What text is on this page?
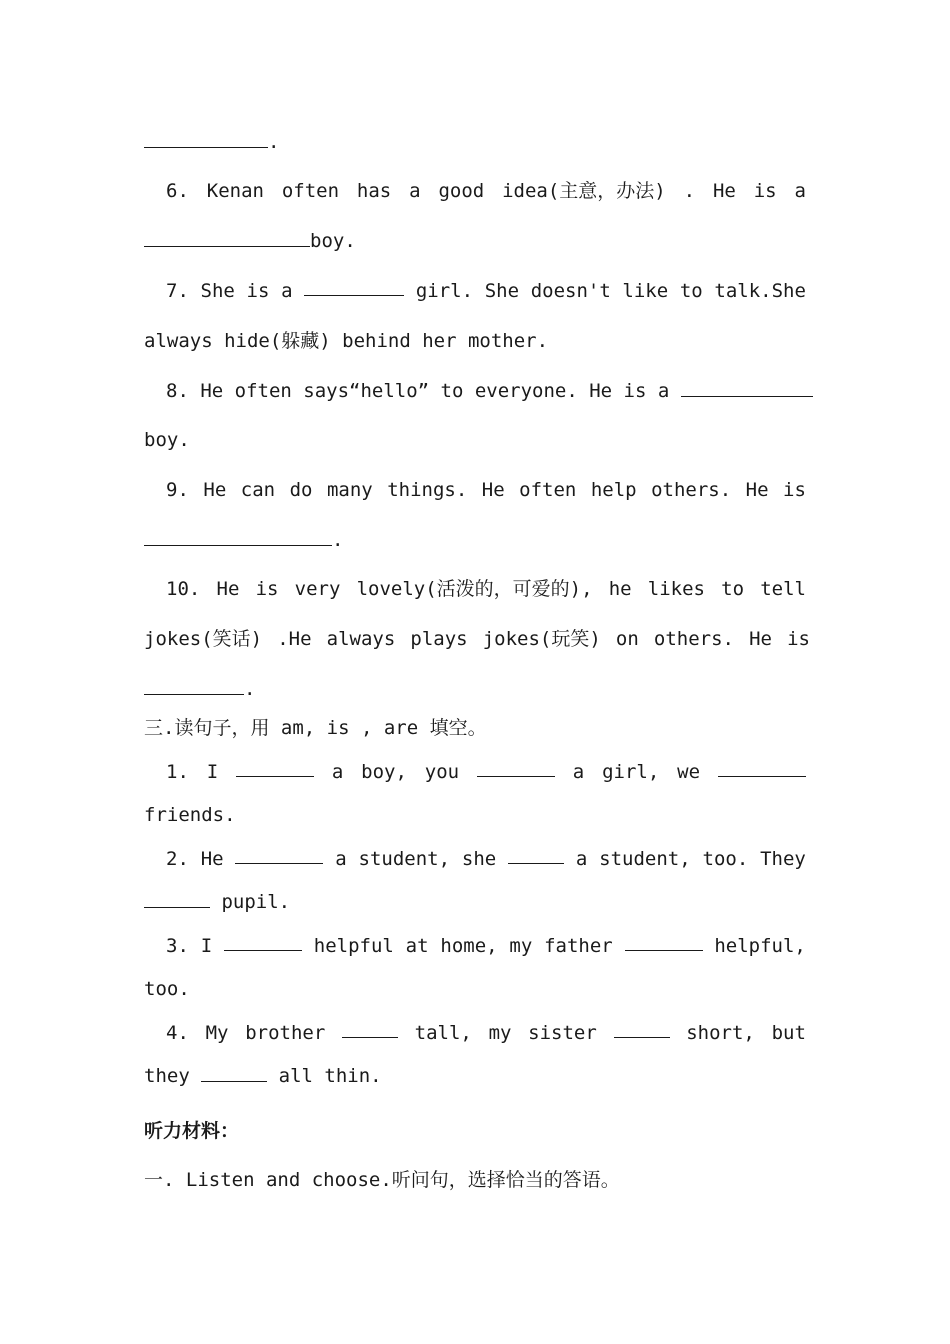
.
6. Kenan often has a good idea(主意，办法) . He is a
boy.
7. She is a	girl. She doesn't like to talk.She
always hide(躲藏) behind her mother.
8. He often says“hello” to everyone. He is a
boy.
9. He can do many things. He often help others. He is
.
10. He is very lovely(活泼的，可爱的), he likes to tell
jokes(笑话) .He always plays jokes(玩笑) on others. He is
.
三.读句子，用 am, is , are 填空。
1. I	a boy, you	a girl, we
friends.
2. He	a student, she	a student, too. They
pupil.
3. I	helpful at home, my father	helpful,
too.
4. My brother	tall, my sister	short, but
they	all thin.
听力材料：
一. Listen and choose.听问句，选择恰当的答语。
